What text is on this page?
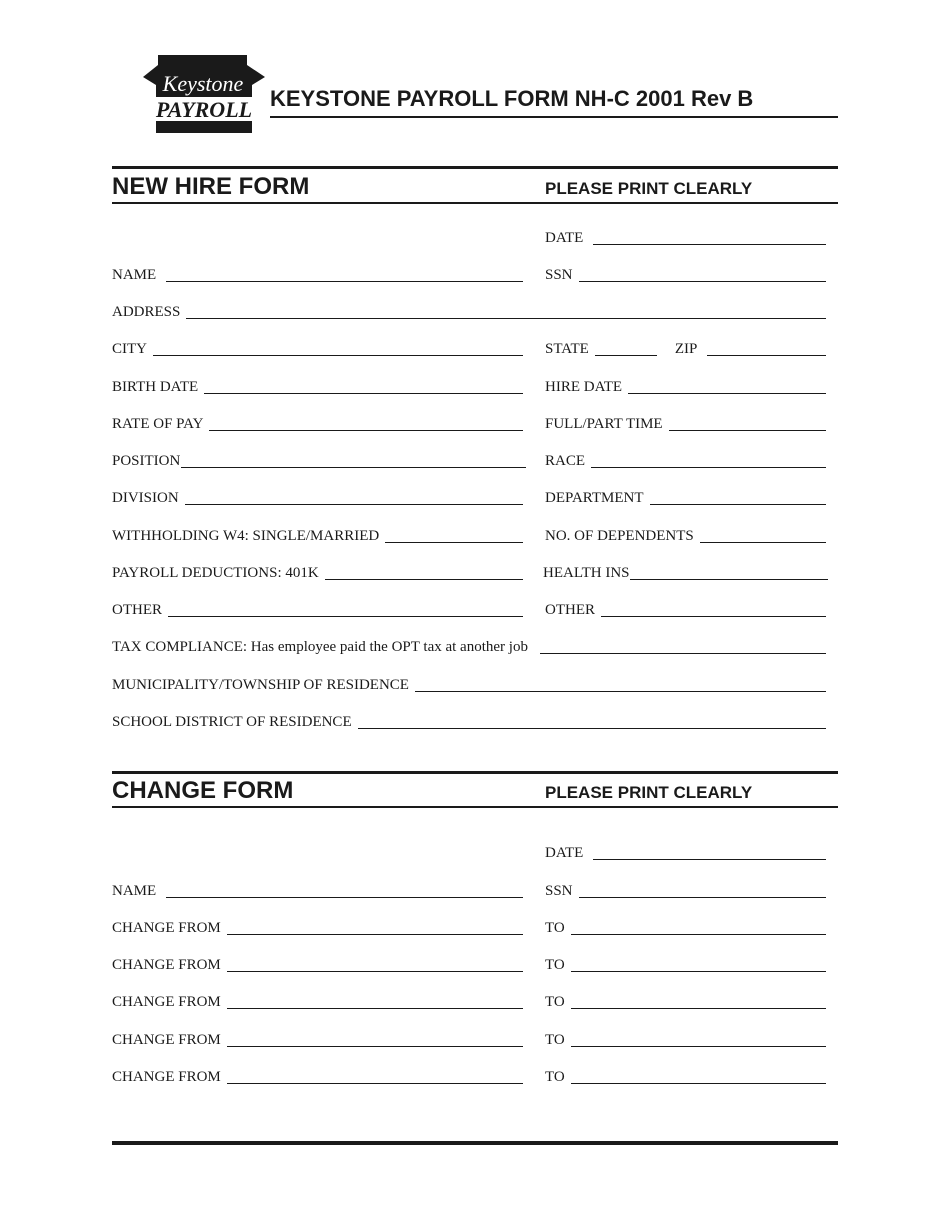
Keystone
PAYROLL KEYSTONE PAYROLL FORM NH-C 2001 Rev B
NEW HIRE FORM	PLEASE PRINT CLEARLY
DATE
NAME	SSN
ADDRESS
CITY	STATE	ZIP
BIRTH DATE	HIRE DATE
RATE OF PAY	FULL/PART TIME
POSITION	RACE
DIVISION	DEPARTMENT
WITHHOLDING W4: SINGLE/MARRIED	NO. OF DEPENDENTS
PAYROLL DEDUCTIONS: 401K	HEALTH INS
OTHER	OTHER
TAX COMPLIANCE: Has employee paid the OPT tax at another job
MUNICIPALITY/TOWNSHIP OF RESIDENCE
SCHOOL DISTRICT OF RESIDENCE
CHANGE FORM	PLEASE PRINT CLEARLY
DATE
NAME	SSN
CHANGE FROM	TO
CHANGE FROM	TO
CHANGE FROM	TO
CHANGE FROM	TO
CHANGE FROM	TO
